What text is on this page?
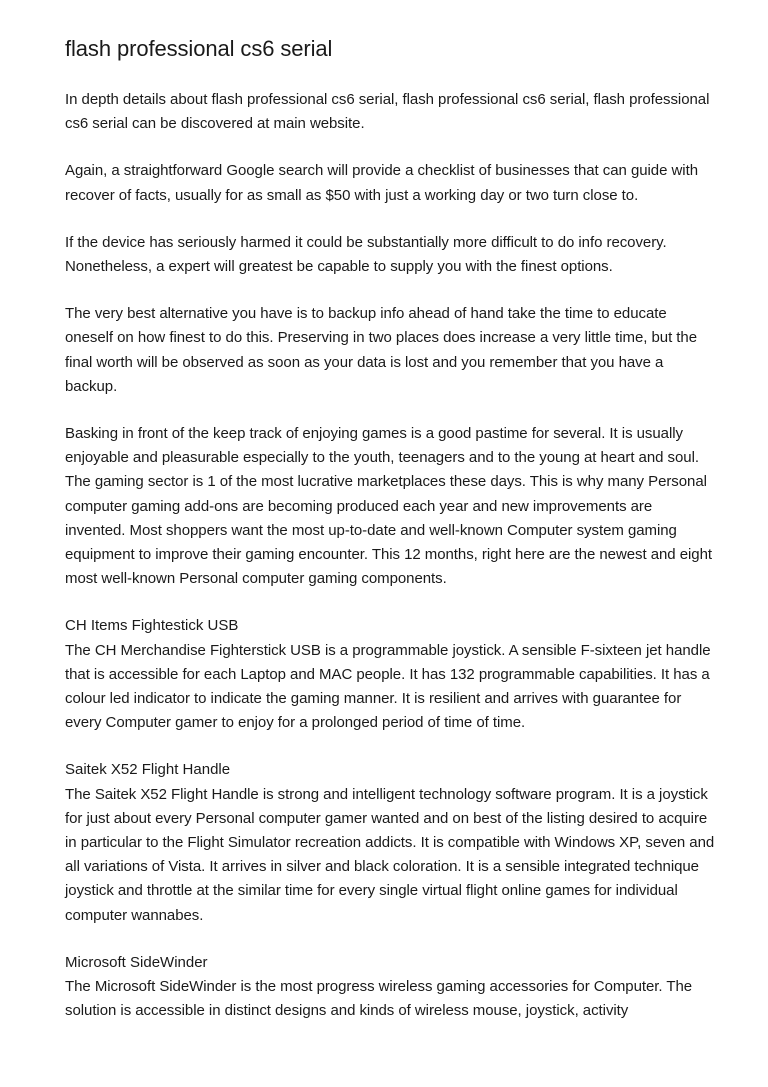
flash professional cs6 serial

In depth details about flash professional cs6 serial, flash professional cs6 serial, flash professional cs6 serial can be discovered at main website.

Again, a straightforward Google search will provide a checklist of businesses that can guide with recover of facts, usually for as small as $50 with just a working day or two turn close to.

If the device has seriously harmed it could be substantially more difficult to do info recovery. Nonetheless, a expert will greatest be capable to supply you with the finest options.

The very best alternative you have is to backup info ahead of hand take the time to educate oneself on how finest to do this. Preserving in two places does increase a very little time, but the final worth will be observed as soon as your data is lost and you remember that you have a backup.

Basking in front of the keep track of enjoying games is a good pastime for several. It is usually enjoyable and pleasurable especially to the youth, teenagers and to the young at heart and soul. The gaming sector is 1 of the most lucrative marketplaces these days. This is why many Personal computer gaming add-ons are becoming produced each year and new improvements are invented. Most shoppers want the most up-to-date and well-known Computer system gaming equipment to improve their gaming encounter. This 12 months, right here are the newest and eight most well-known Personal computer gaming components.

CH Items Fightestick USB

The CH Merchandise Fighterstick USB is a programmable joystick. A sensible F-sixteen jet handle that is accessible for each Laptop and MAC people. It has 132 programmable capabilities. It has a colour led indicator to indicate the gaming manner. It is resilient and arrives with guarantee for every Computer gamer to enjoy for a prolonged period of time of time.

Saitek X52 Flight Handle

The Saitek X52 Flight Handle is strong and intelligent technology software program. It is a joystick for just about every Personal computer gamer wanted and on best of the listing desired to acquire in particular to the Flight Simulator recreation addicts. It is compatible with Windows XP, seven and all variations of Vista. It arrives in silver and black coloration. It is a sensible integrated technique joystick and throttle at the similar time for every single virtual flight online games for individual computer wannabes.

Microsoft SideWinder

The Microsoft SideWinder is the most progress wireless gaming accessories for Computer. The solution is accessible in distinct designs and kinds of wireless mouse, joystick, activity
